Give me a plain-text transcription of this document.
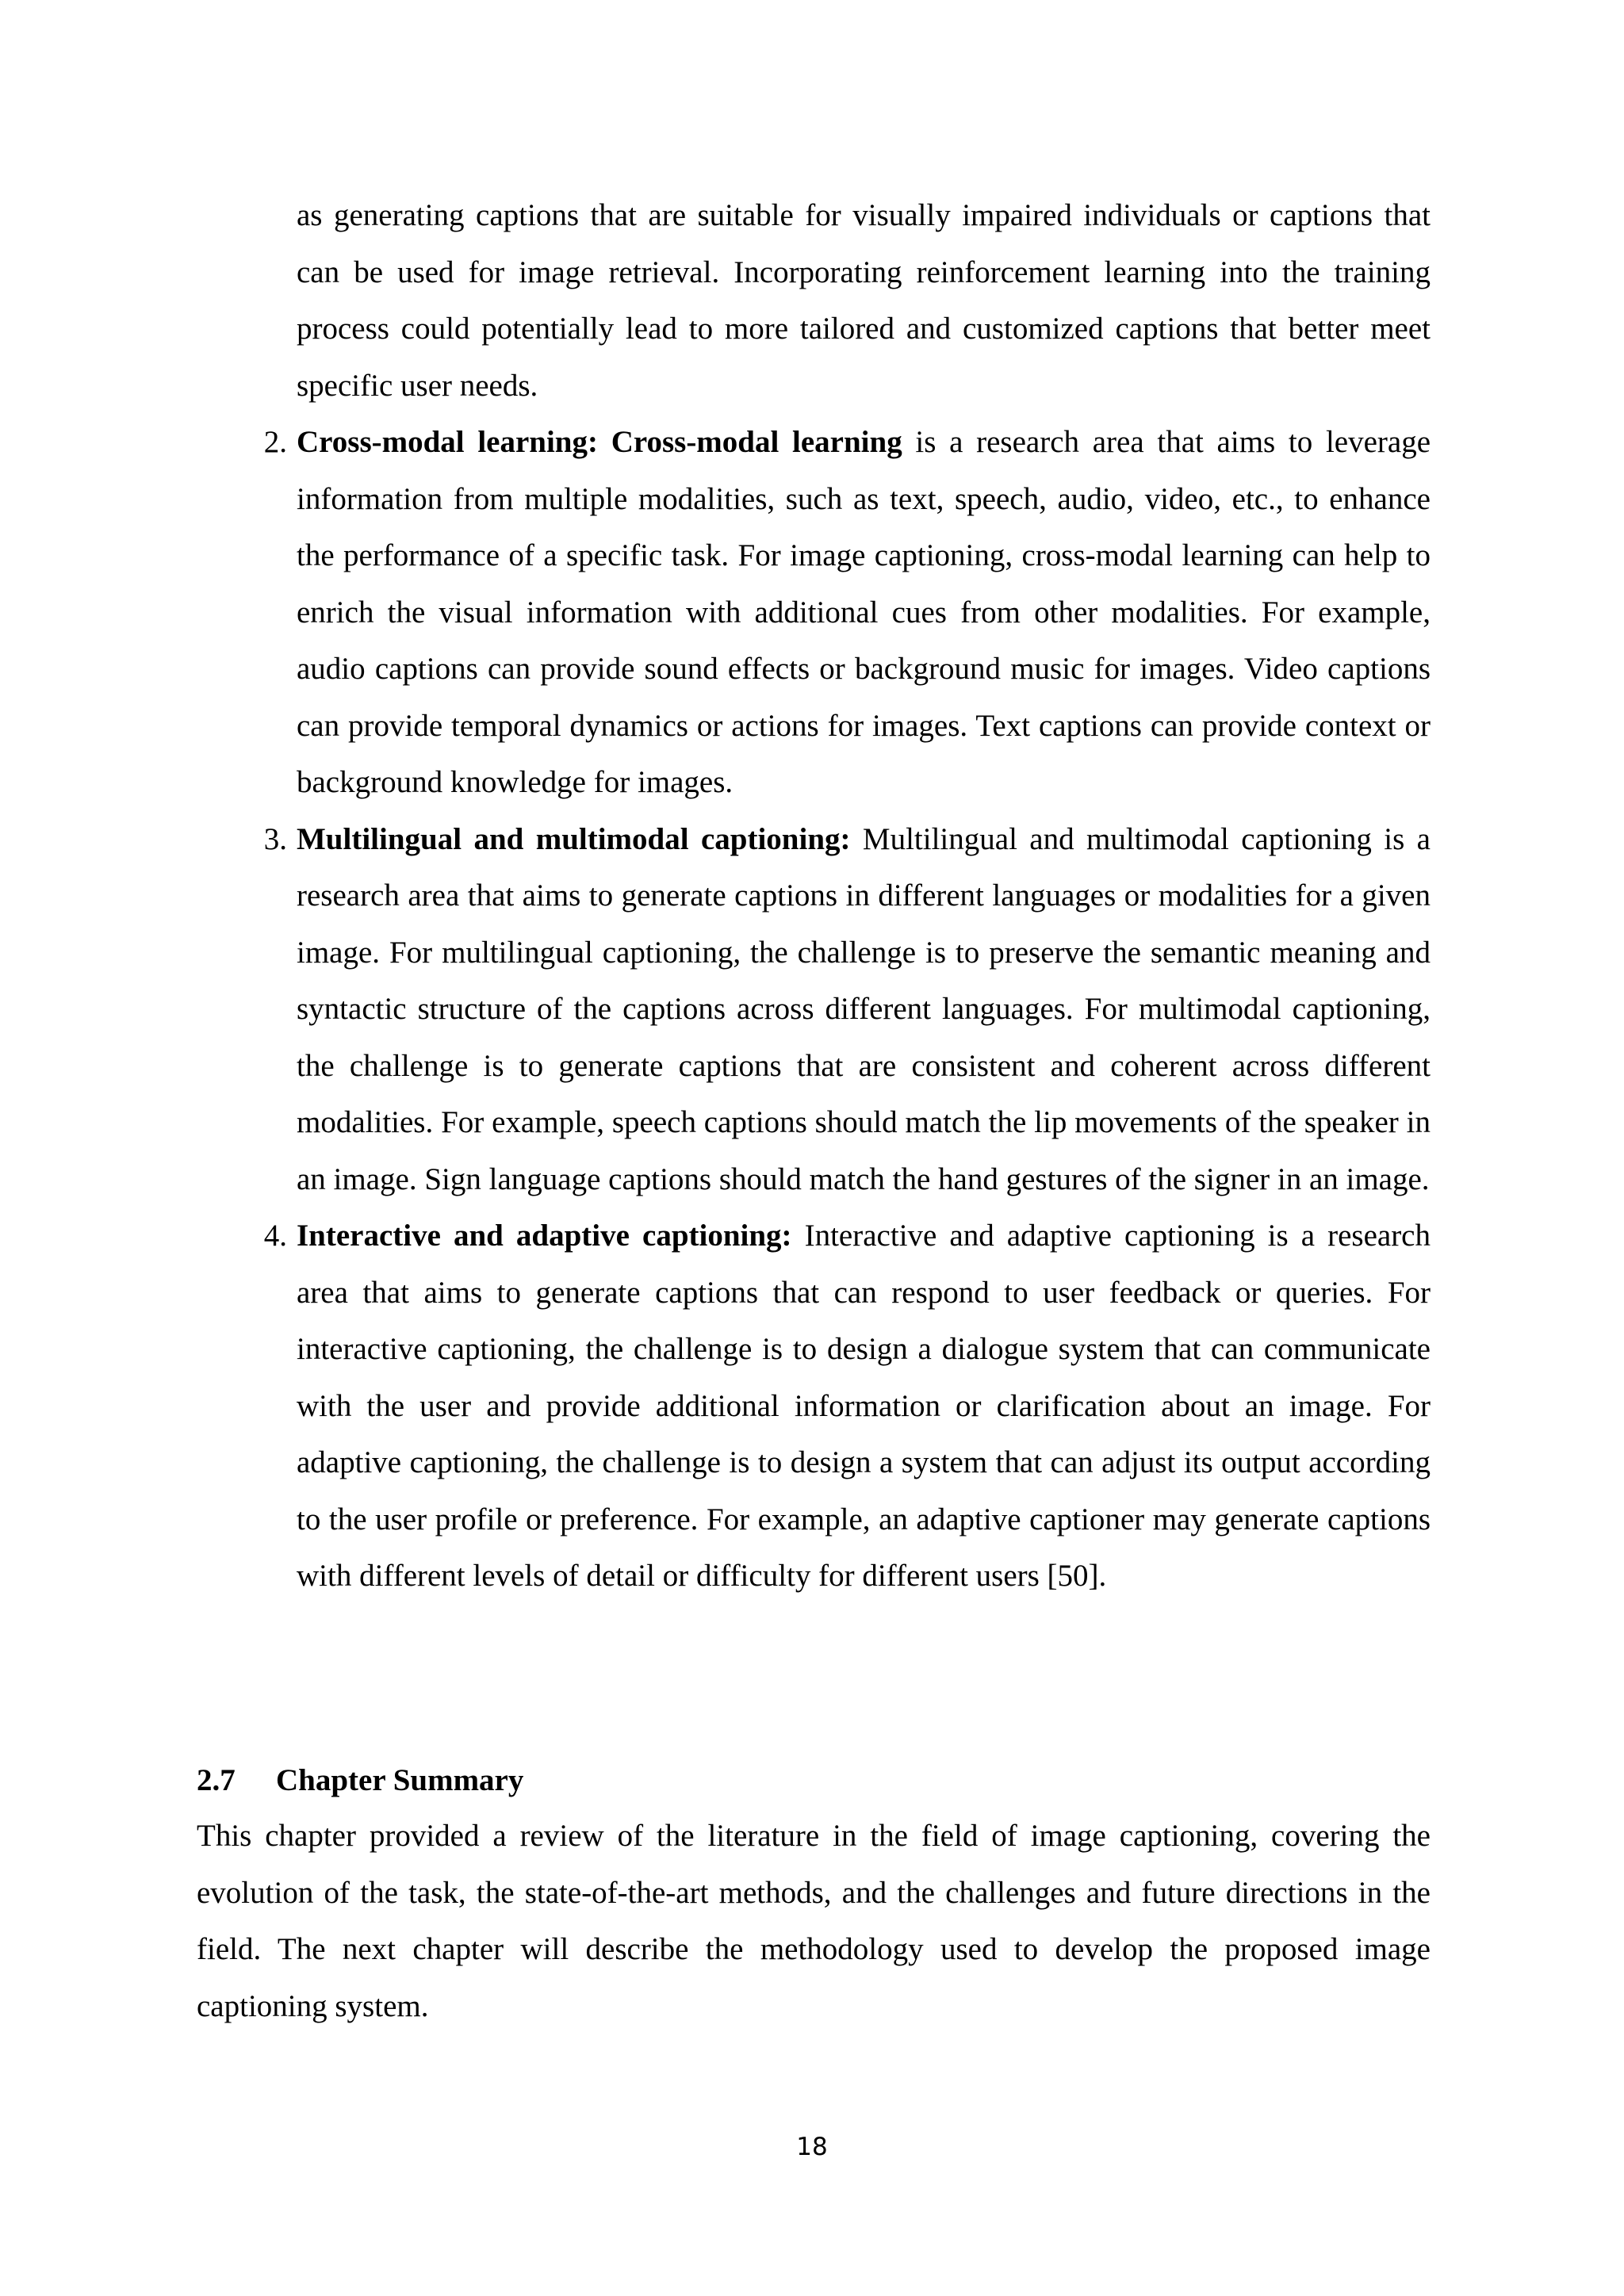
as generating captions that are suitable for visually impaired individuals or captions that can be used for image retrieval. Incorporating reinforcement learning into the training process could potentially lead to more tailored and customized captions that better meet specific user needs.

2. Cross-modal learning: Cross-modal learning is a research area that aims to leverage information from multiple modalities, such as text, speech, audio, video, etc., to enhance the performance of a specific task. For image captioning, cross-modal learning can help to enrich the visual information with additional cues from other modalities. For example, audio captions can provide sound effects or background music for images. Video captions can provide temporal dynamics or actions for images. Text captions can provide context or background knowledge for images.
3. Multilingual and multimodal captioning: Multilingual and multimodal captioning is a research area that aims to generate captions in different languages or modalities for a given image. For multilingual captioning, the challenge is to preserve the semantic meaning and syntactic structure of the captions across different languages. For multimodal captioning, the challenge is to generate captions that are consistent and coherent across different modalities. For example, speech captions should match the lip movements of the speaker in an image. Sign language captions should match the hand gestures of the signer in an image.
4. Interactive and adaptive captioning: Interactive and adaptive captioning is a research area that aims to generate captions that can respond to user feedback or queries. For interactive captioning, the challenge is to design a dialogue system that can communicate with the user and provide additional information or clarification about an image. For adaptive captioning, the challenge is to design a system that can adjust its output according to the user profile or preference. For example, an adaptive captioner may generate captions with different levels of detail or difficulty for different users [50].
2.7 Chapter Summary

This chapter provided a review of the literature in the field of image captioning, covering the evolution of the task, the state-of-the-art methods, and the challenges and future directions in the field. The next chapter will describe the methodology used to develop the proposed image captioning system.

18
